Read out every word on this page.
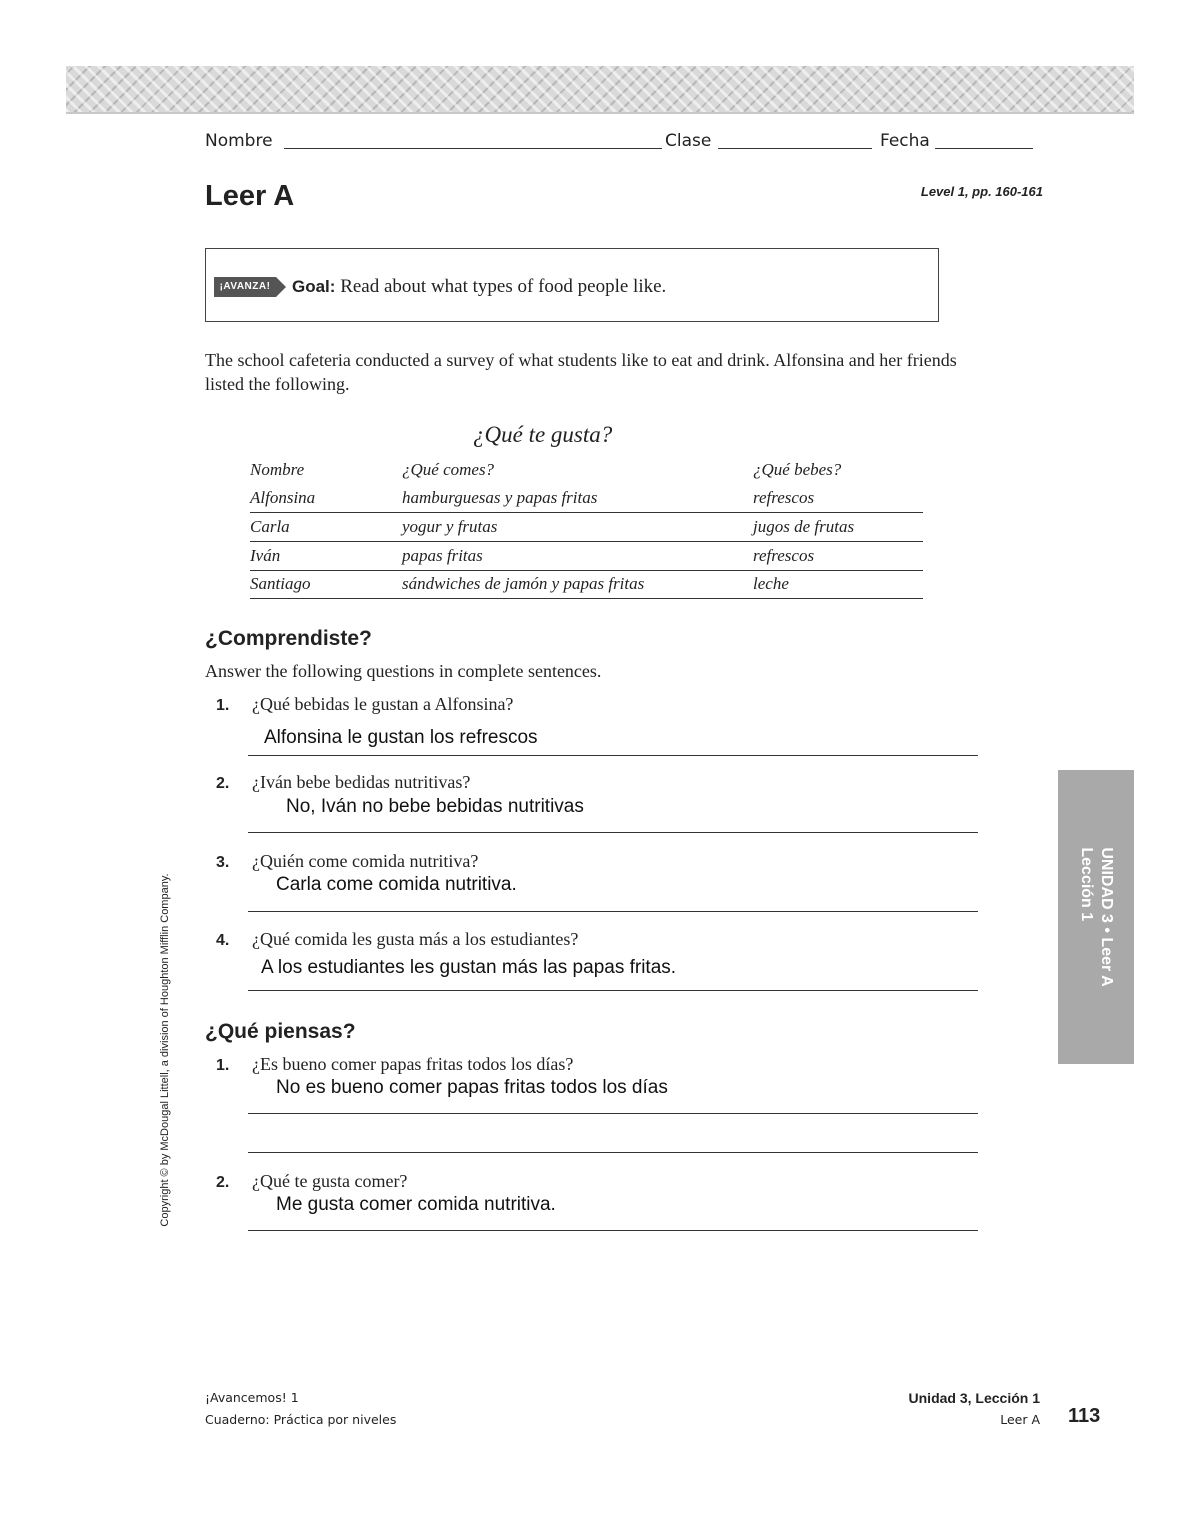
Nombre	Clase	Fecha
Leer A	Level 1, pp. 160-161
¡AVANZA!	Goal: Read about what types of food people like.
The school cafeteria conducted a survey of what students like to eat and drink. Alfonsina and her friends listed the following.
¿Qué te gusta?
Nombre	¿Qué comes?	¿Qué bebes?
Alfonsina	hamburguesas y papas fritas	refrescos
Carla	yogur y frutas	jugos de frutas
Iván	papas fritas	refrescos
Santiago	sándwiches de jamón y papas fritas	leche
¿Comprendiste?
Answer the following questions in complete sentences.
1. ¿Qué bebidas le gustan a Alfonsina?
Alfonsina le gustan los refrescos
2. ¿Iván bebe bedidas nutritivas?
No, Iván no bebe bebidas nutritivas
3. ¿Quién come comida nutritiva?
Carla come comida nutritiva.
4. ¿Qué comida les gusta más a los estudiantes?
A los estudiantes les gustan más las papas fritas.
¿Qué piensas?
1. ¿Es bueno comer papas fritas todos los días?
No es bueno comer papas fritas todos los días
2. ¿Qué te gusta comer?
Me gusta comer comida nutritiva.
Copyright © by McDougal Littell, a division of Houghton Mifflin Company.	UNIDAD 3 • Leer A
Lección 1
¡Avancemos! 1
Cuaderno: Práctica por niveles
Unidad 3, Lección 1
Leer A 113
